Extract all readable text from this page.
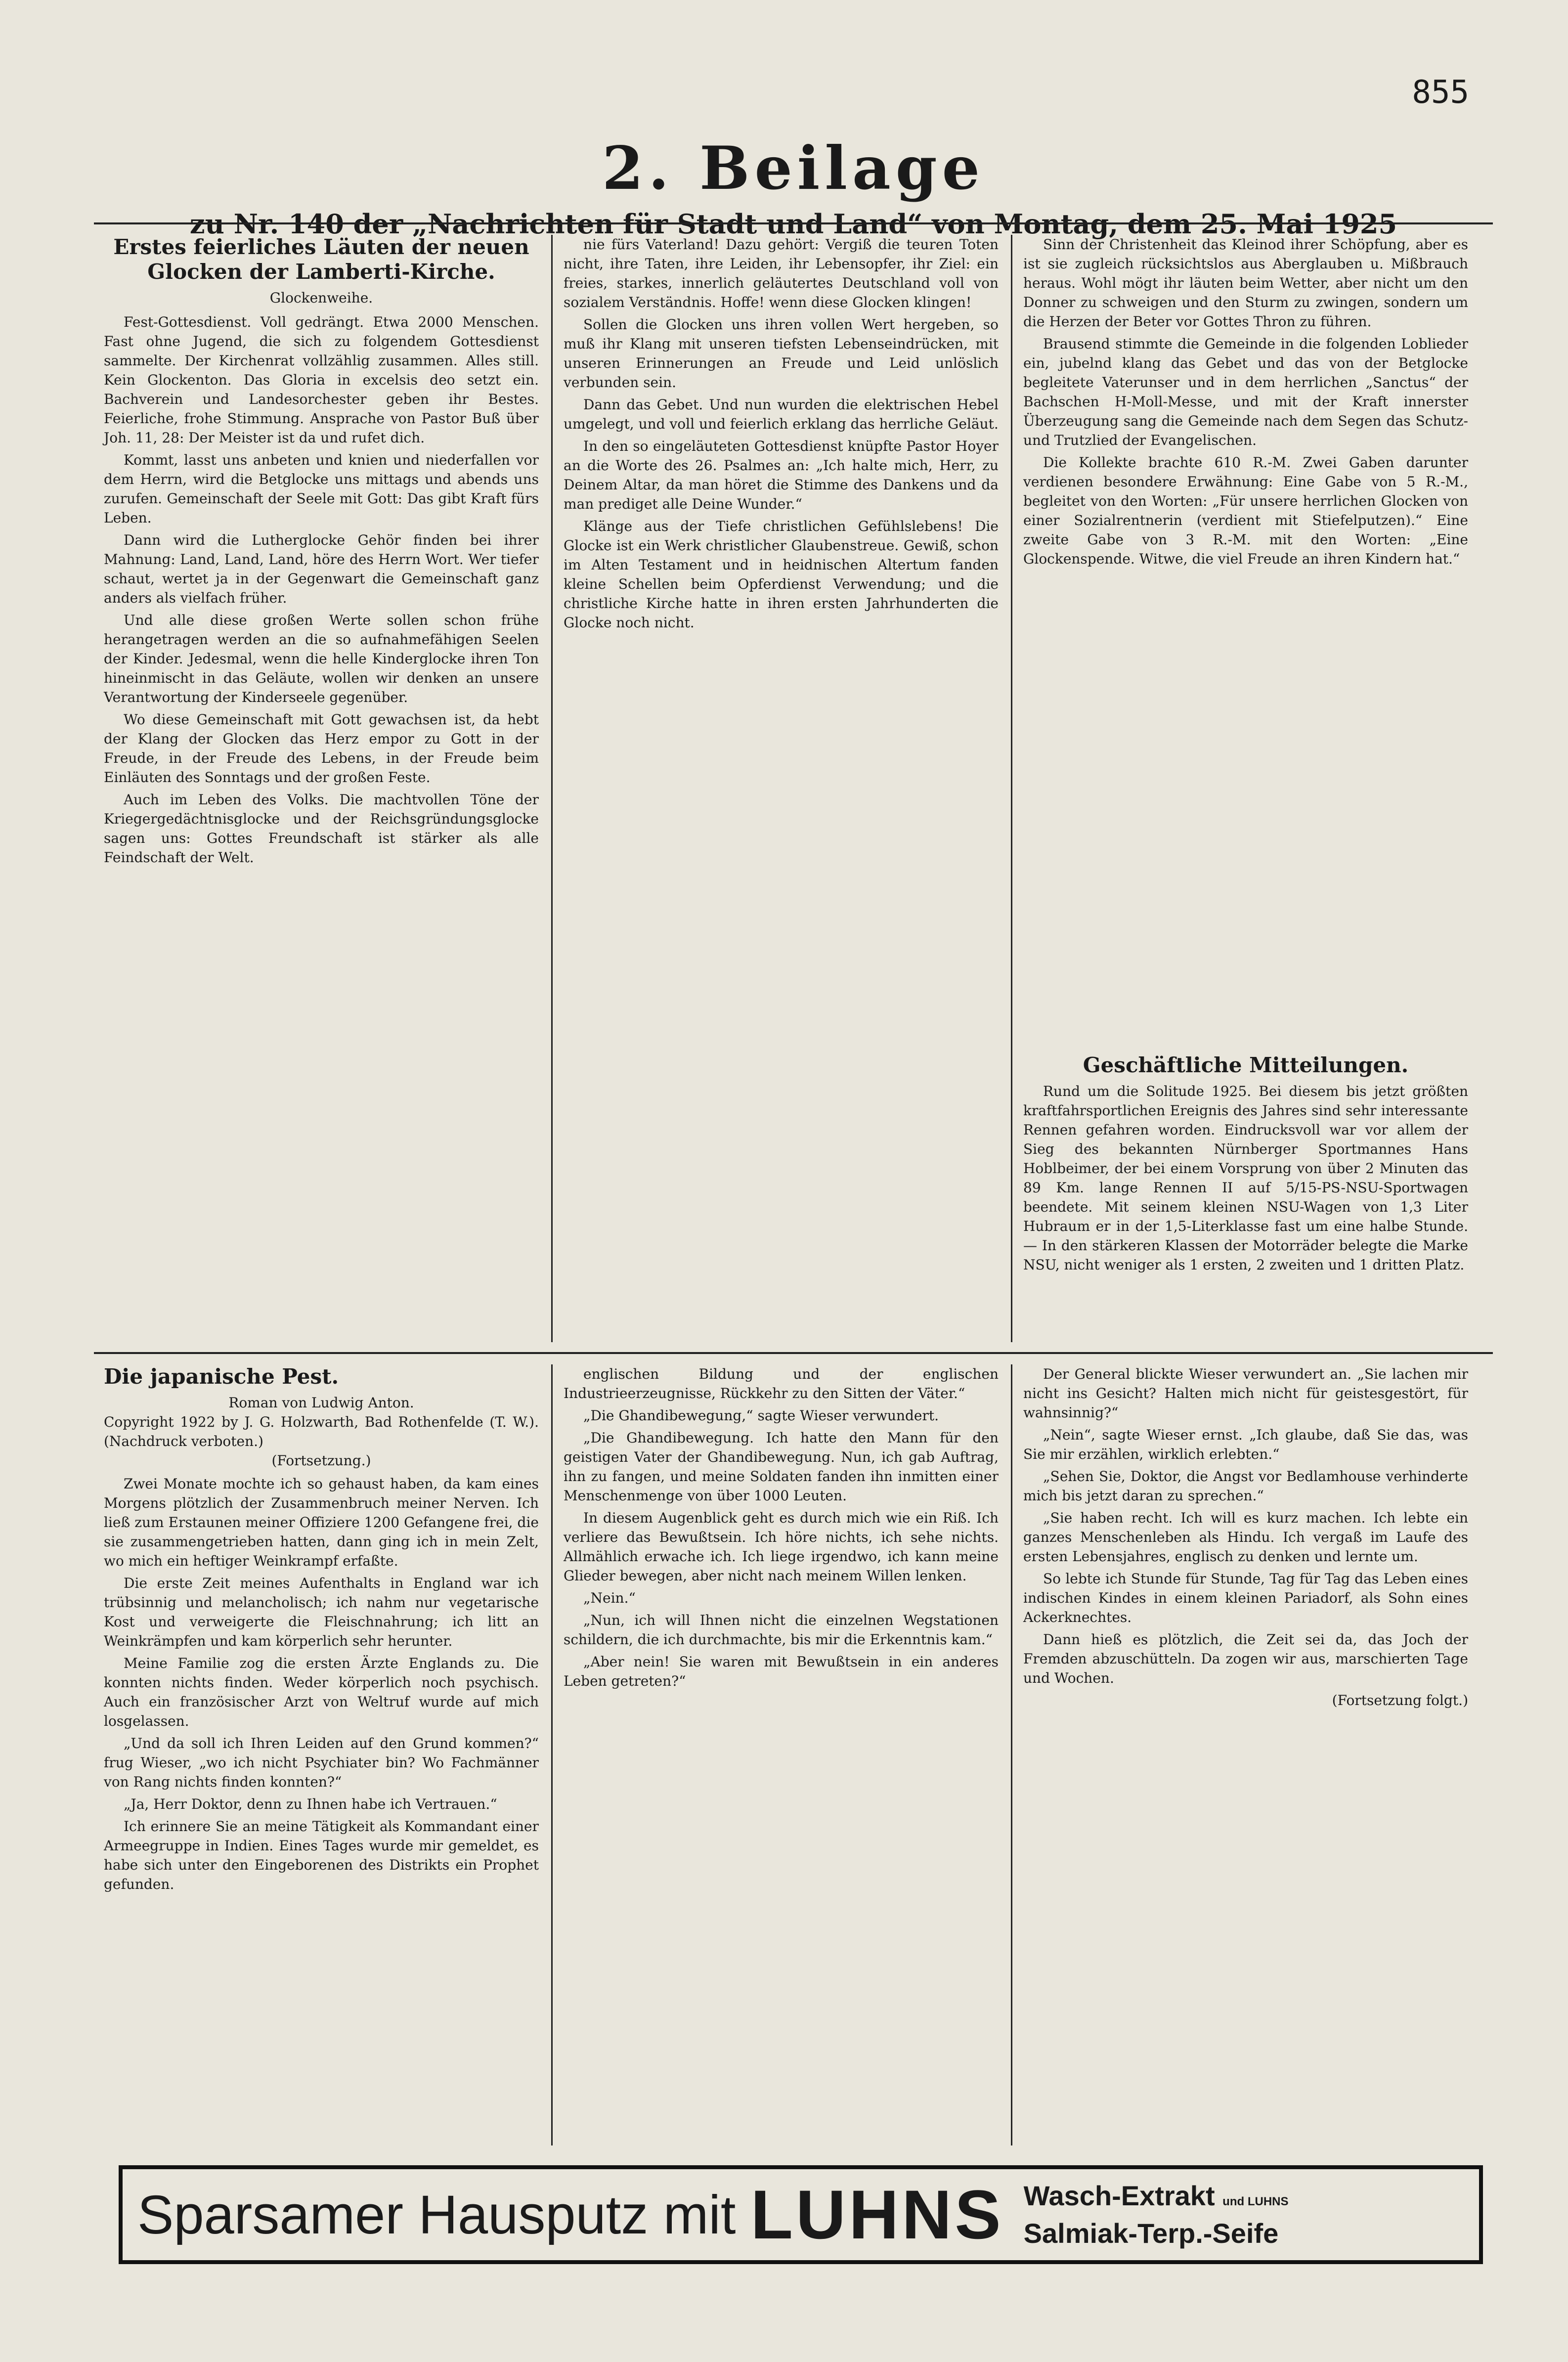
855
2. Beilage
zu Nr. 140 der „Nachrichten für Stadt und Land“ von Montag, dem 25. Mai 1925
Erstes feierliches Läuten der neuen Glocken der Lamberti-Kirche.
Glockenweihe.

Fest-Gottesdienst. Voll gedrängt. Etwa 2000 Menschen. Fast ohne Jugend, die sich zu folgendem Gottesdienst sammelte. Der Kirchenrat vollzählig zusammen. Alles still. Kein Glockenton. Das Gloria in excelsis deo setzt ein. Bachverein und Landesorchester geben ihr Bestes. Feierliche, frohe Stimmung. Ansprache von Pastor Buß über Joh. 11, 28: Der Meister ist da und rufet dich.

Kommt, lasst uns anbeten und knien und niederfallen vor dem Herrn, wird die Betglocke uns mittags und abends uns zurufen. Gemeinschaft der Seele mit Gott: Das gibt Kraft fürs Leben.

Dann wird die Lutherglocke Gehör finden bei ihrer Mahnung: Land, Land, Land, höre des Herrn Wort. Wer tiefer schaut, wertet ja in der Gegenwart die Gemeinschaft ganz anders als vielfach früher.

Und alle diese großen Werte sollen schon frühe herangetragen werden an die so aufnahmefähigen Seelen der Kinder. Jedesmal, wenn die helle Kinderglocke ihren Ton hineinmischt in das Geläute, wollen wir denken an unsere Verantwortung der Kinderseele gegenüber.

Wo diese Gemeinschaft mit Gott gewachsen ist, da hebt der Klang der Glocken das Herz empor zu Gott in der Freude, in der Freude des Lebens, in der Freude beim Einläuten des Sonntags und der großen Feste.

Auch im Leben des Volks. Die machtvollen Töne der Kriegergedächtnisglocke und der Reichsgründungsglocke sagen uns: Gottes Freundschaft ist stärker als alle Feindschaft der Welt.

nie fürs Vaterland! Dazu gehört: Vergiß die teuren Toten nicht, ihre Taten, ihre Leiden, ihr Lebensopfer, ihr Ziel: ein freies, starkes, innerlich geläutertes Deutschland voll von sozialem Verständnis. Hoffe! wenn diese Glocken klingen!

Sollen die Glocken uns ihren vollen Wert hergeben, so muß ihr Klang mit unseren tiefsten Lebenseindrücken, mit unseren Erinnerungen an Freude und Leid unlöslich verbunden sein.

Dann das Gebet. Und nun wurden die elektrischen Hebel umgelegt, und voll und feierlich erklang das herrliche Geläut.

In den so eingeläuteten Gottesdienst knüpfte Pastor Hoyer an die Worte des 26. Psalmes an: „Ich halte mich, Herr, zu Deinem Altar, da man höret die Stimme des Dankens und da man prediget alle Deine Wunder.“

Klänge aus der Tiefe christlichen Gefühlslebens! Die Glocke ist ein Werk christlicher Glaubenstreue. Gewiß, schon im Alten Testament und in heidnischen Altertum fanden kleine Schellen beim Opferdienst Verwendung; und die christliche Kirche hatte in ihren ersten Jahrhunderten die Glocke noch nicht.

Sinn der Christenheit das Kleinod ihrer Schöpfung, aber es ist sie zugleich rücksichtslos aus Aberglauben u. Mißbrauch heraus. Wohl mögt ihr läuten beim Wetter, aber nicht um den Donner zu schweigen und den Sturm zu zwingen, sondern um die Herzen der Beter vor Gottes Thron zu führen.

Brausend stimmte die Gemeinde in die folgenden Loblieder ein, jubelnd klang das Gebet und das von der Betglocke begleitete Vaterunser und in dem herrlichen „Sanctus“ der Bachschen H-Moll-Messe, und mit der Kraft innerster Überzeugung sang die Gemeinde nach dem Segen das Schutz- und Trutzlied der Evangelischen.

Die Kollekte brachte 610 R.-M. Zwei Gaben darunter verdienen besondere Erwähnung: Eine Gabe von 5 R.-M., begleitet von den Worten: „Für unsere herrlichen Glocken von einer Sozialrentnerin (verdient mit Stiefelputzen).“ Eine zweite Gabe von 3 R.-M. mit den Worten: „Eine Glockenspende. Witwe, die viel Freude an ihren Kindern hat.“

Geschäftliche Mitteilungen.

Rund um die Solitude 1925. Bei diesem bis jetzt größten kraftfahrsportlichen Ereignis des Jahres sind sehr interessante Rennen gefahren worden. Eindrucksvoll war vor allem der Sieg des bekannten Nürnberger Sportmannes Hans Hoblbeimer, der bei einem Vorsprung von über 2 Minuten das 89 Km. lange Rennen II auf 5/15-PS-NSU-Sportwagen beendete. Mit seinem kleinen NSU-Wagen von 1,3 Liter Hubraum er in der 1,5-Literklasse fast um eine halbe Stunde. — In den stärkeren Klassen der Motorräder belegte die Marke NSU, nicht weniger als 1 ersten, 2 zweiten und 1 dritten Platz.

Die japanische Pest.
Roman von Ludwig Anton.
Copyright 1922 by J. G. Holzwarth, Bad Rothenfelde (T. W.). (Nachdruck verboten.)
(Fortsetzung.)

Zwei Monate mochte ich so gehaust haben, da kam eines Morgens plötzlich der Zusammenbruch meiner Nerven. Ich ließ zum Erstaunen meiner Offiziere 1200 Gefangene frei, die sie zusammengetrieben hatten, dann ging ich in mein Zelt, wo mich ein heftiger Weinkrampf erfaßte.

Die erste Zeit meines Aufenthalts in England war ich trübsinnig und melancholisch; ich nahm nur vegetarische Kost und verweigerte die Fleischnahrung; ich litt an Weinkrämpfen und kam körperlich sehr herunter.

Meine Familie zog die ersten Ärzte Englands zu. Die konnten nichts finden. Weder körperlich noch psychisch. Auch ein französischer Arzt von Weltruf wurde auf mich losgelassen.

„Und da soll ich Ihren Leiden auf den Grund kommen?“ frug Wieser, „wo ich nicht Psychiater bin? Wo Fachmänner von Rang nichts finden konnten?“

„Ja, Herr Doktor, denn zu Ihnen habe ich Vertrauen.“

Ich erinnere Sie an meine Tätigkeit als Kommandant einer Armeegruppe in Indien. Eines Tages wurde mir gemeldet, es habe sich unter den Eingeborenen des Distrikts ein Prophet gefunden.

englischen Bildung und der englischen Industrieerzeugnisse, Rückkehr zu den Sitten der Väter.“

„Die Ghandibewegung,“ sagte Wieser verwundert.

„Die Ghandibewegung. Ich hatte den Mann für den geistigen Vater der Ghandibewegung. Nun, ich gab Auftrag, ihn zu fangen, und meine Soldaten fanden ihn inmitten einer Menschenmenge von über 1000 Leuten.

In diesem Augenblick geht es durch mich wie ein Riß. Ich verliere das Bewußtsein. Ich höre nichts, ich sehe nichts. Allmählich erwache ich. Ich liege irgendwo, ich kann meine Glieder bewegen, aber nicht nach meinem Willen lenken.

„Nein.“

„Nun, ich will Ihnen nicht die einzelnen Wegstationen schildern, die ich durchmachte, bis mir die Erkenntnis kam.“

„Aber nein! Sie waren mit Bewußtsein in ein anderes Leben getreten?“

Der General blickte Wieser verwundert an. „Sie lachen mir nicht ins Gesicht? Halten mich nicht für geistesgestört, für wahnsinnig?“

„Nein“, sagte Wieser ernst. „Ich glaube, daß Sie das, was Sie mir erzählen, wirklich erlebten.“

„Sehen Sie, Doktor, die Angst vor Bedlamhouse verhinderte mich bis jetzt daran zu sprechen.“

„Sie haben recht. Ich will es kurz machen. Ich lebte ein ganzes Menschenleben als Hindu. Ich vergaß im Laufe des ersten Lebensjahres, englisch zu denken und lernte um.

So lebte ich Stunde für Stunde, Tag für Tag das Leben eines indischen Kindes in einem kleinen Pariadorf, als Sohn eines Ackerknechtes.

Dann hieß es plötzlich, die Zeit sei da, das Joch der Fremden abzuschütteln. Da zogen wir aus, marschierten Tage und Wochen.

(Fortsetzung folgt.)

Sparsamer Hausputz mit LUHNS Wasch-Extrakt und LUHNS
Salmiak-Terp.-Seife
